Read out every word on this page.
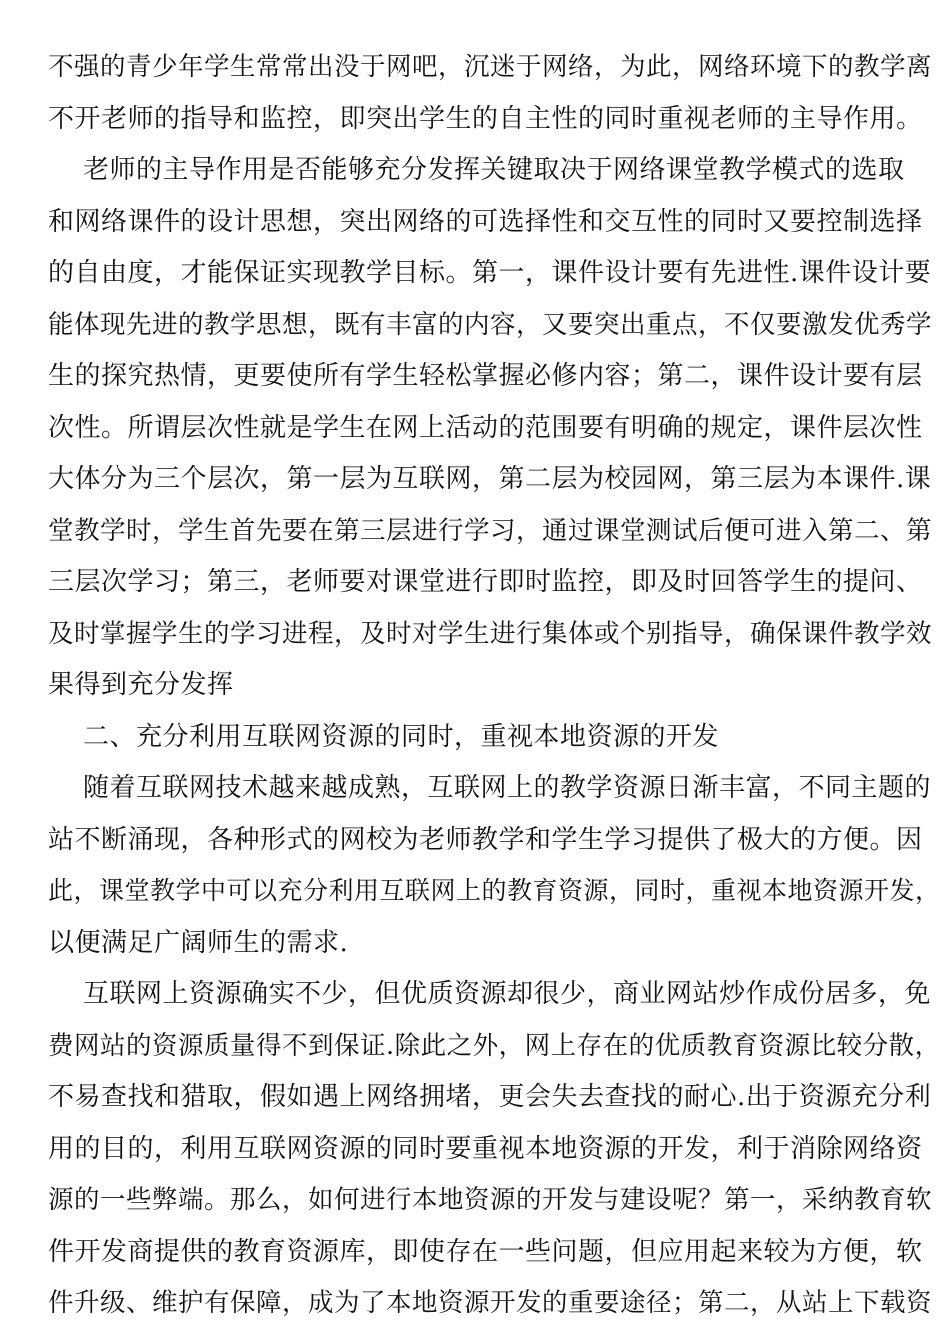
不强的青少年学生常常出没于网吧，沉迷于网络，为此，网络环境下的教学离
不开老师的指导和监控，即突出学生的自主性的同时重视老师的主导作用。
老师的主导作用是否能够充分发挥关键取决于网络课堂教学模式的选取
和网络课件的设计思想，突出网络的可选择性和交互性的同时又要控制选择
的自由度，才能保证实现教学目标。第一，课件设计要有先进性.课件设计要
能体现先进的教学思想，既有丰富的内容，又要突出重点，不仅要激发优秀学
生的探究热情，更要使所有学生轻松掌握必修内容；第二，课件设计要有层
次性。所谓层次性就是学生在网上活动的范围要有明确的规定，课件层次性
大体分为三个层次，第一层为互联网，第二层为校园网，第三层为本课件.课
堂教学时，学生首先要在第三层进行学习，通过课堂测试后便可进入第二、第
三层次学习；第三，老师要对课堂进行即时监控，即及时回答学生的提问、
及时掌握学生的学习进程，及时对学生进行集体或个别指导，确保课件教学效
果得到充分发挥
二、充分利用互联网资源的同时，重视本地资源的开发
随着互联网技术越来越成熟，互联网上的教学资源日渐丰富，不同主题的
站不断涌现，各种形式的网校为老师教学和学生学习提供了极大的方便。因
此，课堂教学中可以充分利用互联网上的教育资源，同时，重视本地资源开发，
以便满足广阔师生的需求.
互联网上资源确实不少，但优质资源却很少，商业网站炒作成份居多，免
费网站的资源质量得不到保证.除此之外，网上存在的优质教育资源比较分散，
不易查找和猎取，假如遇上网络拥堵，更会失去查找的耐心.出于资源充分利
用的目的，利用互联网资源的同时要重视本地资源的开发，利于消除网络资
源的一些弊端。那么，如何进行本地资源的开发与建设呢？第一，采纳教育软
件开发商提供的教育资源库，即使存在一些问题，但应用起来较为方便，软
件升级、维护有保障，成为了本地资源开发的重要途径；第二，从站上下载资
